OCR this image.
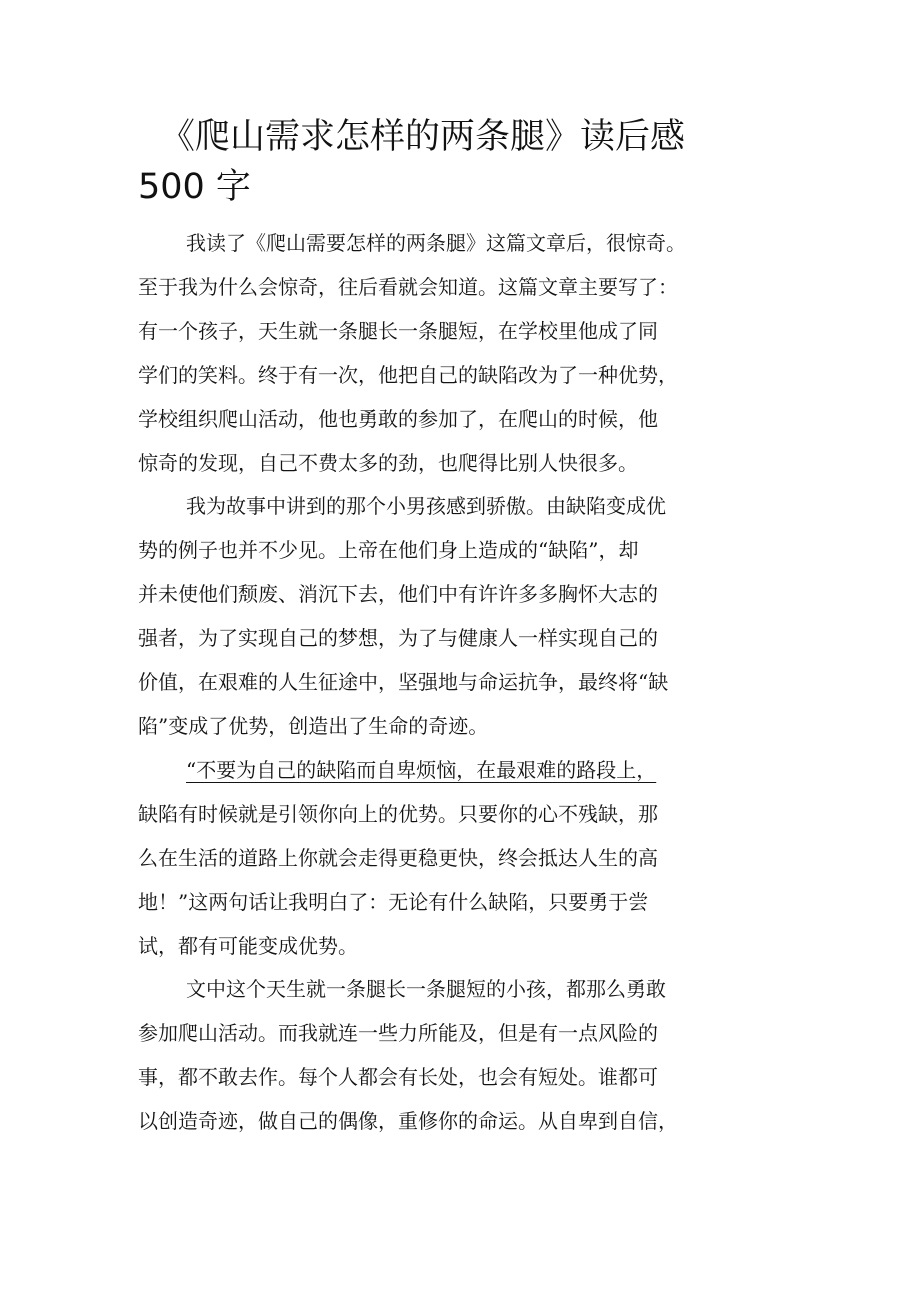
《爬山需求怎样的两条腿》读后感
500 字

我读了《爬山需要怎样的两条腿》这篇文章后，很惊奇。
至于我为什么会惊奇，往后看就会知道。这篇文章主要写了：
有一个孩子，天生就一条腿长一条腿短，在学校里他成了同
学们的笑料。终于有一次，他把自己的缺陷改为了一种优势，
学校组织爬山活动，他也勇敢的参加了，在爬山的时候，他
惊奇的发现，自己不费太多的劲，也爬得比别人快很多。

我为故事中讲到的那个小男孩感到骄傲。由缺陷变成优
势的例子也并不少见。上帝在他们身上造成的“缺陷”，却
并未使他们颓废、消沉下去，他们中有许许多多胸怀大志的
强者，为了实现自己的梦想，为了与健康人一样实现自己的
价值，在艰难的人生征途中，坚强地与命运抗争，最终将“缺
陷”变成了优势，创造出了生命的奇迹。

“不要为自己的缺陷而自卑烦恼，在最艰难的路段上，
缺陷有时候就是引领你向上的优势。只要你的心不残缺，那
么在生活的道路上你就会走得更稳更快，终会抵达人生的高
地！”这两句话让我明白了：无论有什么缺陷，只要勇于尝
试，都有可能变成优势。

文中这个天生就一条腿长一条腿短的小孩，都那么勇敢
参加爬山活动。而我就连一些力所能及，但是有一点风险的
事，都不敢去作。每个人都会有长处，也会有短处。谁都可
以创造奇迹，做自己的偶像，重修你的命运。从自卑到自信，
